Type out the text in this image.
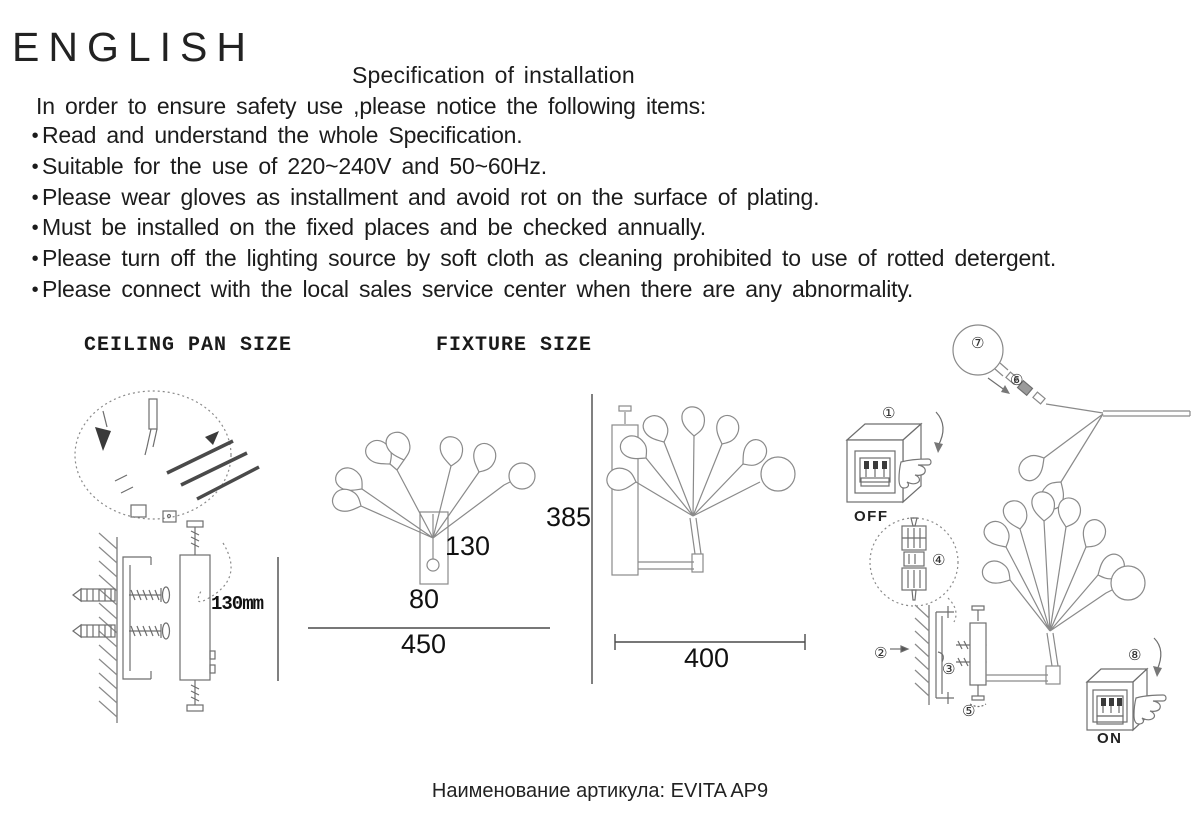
ENGLISH
Specification of installation
In order to ensure safety use ,please notice the following items:
• Read and understand the whole Specification.
• Suitable for the use of 220~240V and 50~60Hz.
• Please wear gloves as installment and avoid rot on the surface of plating.
• Must be installed on the fixed places and be checked annually.
• Please turn off the lighting source by soft cloth as cleaning prohibited to use of rotted detergent.
• Please connect with the local sales service center when there are any abnormality.
CEILING PAN SIZE	FIXTURE SIZE
130mm
130
80
450
385
400
①
OFF
⑦
⑥
④
②
③
⑤
⑧
ON
Наименование артикула: EVITA AP9
